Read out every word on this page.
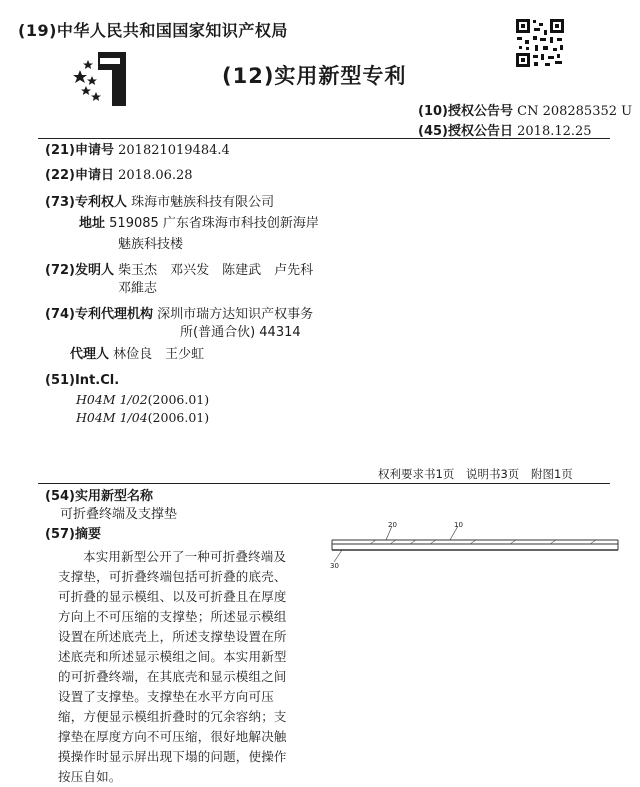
(19)中华人民共和国国家知识产权局
(12)实用新型专利
(10)授权公告号 CN 208285352 U
(45)授权公告日 2018.12.25
(21)申请号 201821019484.4
(22)申请日 2018.06.28
(73)专利权人 珠海市魅族科技有限公司
地址 519085 广东省珠海市科技创新海岸
魅族科技楼
(72)发明人 柴玉杰　邓兴发　陈建武　卢先科
邓維志
(74)专利代理机构 深圳市瑞方达知识产权事务
所(普通合伙) 44314
代理人 林俭良　王少虹
(51)Int.Cl.
H04M 1/02(2006.01)
H04M 1/04(2006.01)
权利要求书1页 说明书3页 附图1页
(54)实用新型名称
可折叠终端及支撑垫
(57)摘要
本实用新型公开了一种可折叠终端及支撑垫，可折叠终端包括可折叠的底壳、可折叠的显示模组、以及可折叠且在厚度方向上不可压缩的支撑垫；所述显示模组设置在所述底壳上，所述支撑垫设置在所述底壳和所述显示模组之间。本实用新型的可折叠终端，在其底壳和显示模组之间设置了支撑垫。支撑垫在水平方向可压缩，方便显示模组折叠时的冗余容纳；支撑垫在厚度方向不可压缩，很好地解决触摸操作时显示屏出现下塌的问题，使操作按压自如。
20	10
30
